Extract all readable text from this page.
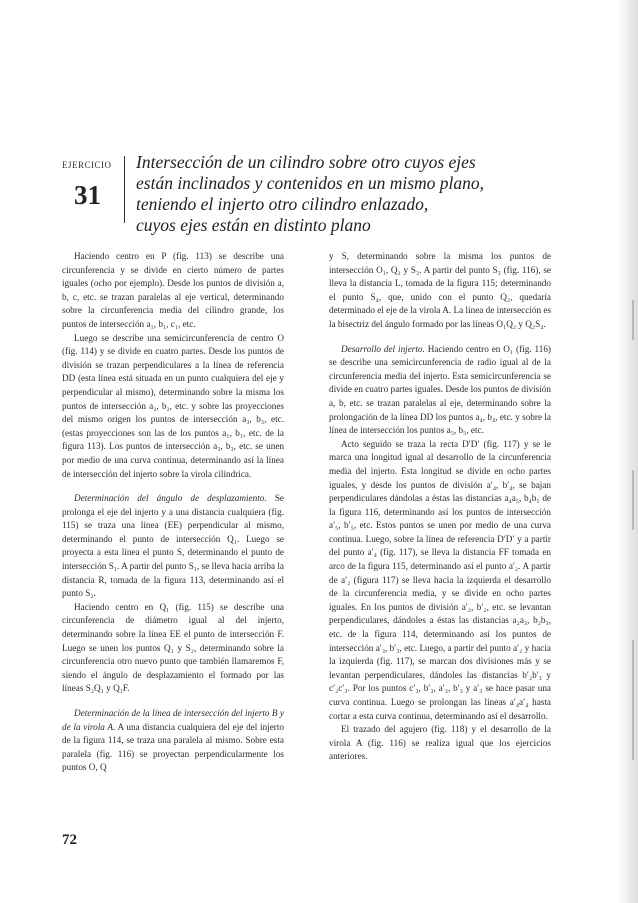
EJERCICIO
31
Intersección de un cilindro sobre otro cuyos ejes
están inclinados y contenidos en un mismo plano,
teniendo el injerto otro cilindro enlazado,
cuyos ejes están en distinto plano

Haciendo centro en P (fig. 113) se describe una circunferencia y se divide en cierto número de partes iguales (ocho por ejemplo). Desde los puntos de división a, b, c, etc. se trazan paralelas al eje vertical, determinando sobre la circunferencia media del cilindro grande, los puntos de intersección a₁, b₁, c₁, etc.

Luego se describe una semicircunferencia de centro O (fig. 114) y se divide en cuatro partes. Desde los puntos de división se trazan perpendiculares a la línea de referencia DD (esta línea está situada en un punto cualquiera del eje y perpendicular al mismo), determinando sobre la misma los puntos de intersección a₂, b₂, etc. y sobre las proyecciones del mismo origen los puntos de intersección a₃, b₃, etc. (estas proyecciones son las de los puntos a₁, b₁, etc. de la figura 113). Los puntos de intersección a₃, b₃, etc. se unen por medio de una curva continua, determinando así la línea de intersección del injerto sobre la virola cilíndrica.

Determinación del ángulo de desplazamiento. Se prolonga el eje del injerto y a una distancia cualquiera (fig. 115) se traza una línea (EE) perpendicular al mismo, determinando el punto de intersección Q₁. Luego se proyecta a esta línea el punto S, determinando el punto de intersección S₁. A partir del punto S₁, se lleva hacia arriba la distancia R, tomada de la figura 113, determinando así el punto S₂.

Haciendo centro en Q₁ (fig. 115) se describe una circunferencia de diámetro igual al del injerto, determinando sobre la línea EE el punto de intersección F. Luego se unen los puntos Q₁ y S₂, determinando sobre la circunferencia otro nuevo punto que también llamaremos F, siendo el ángulo de desplazamiento el formado por las líneas S₂Q₁ y Q₁F.

Determinación de la línea de intersección del injerto B y de la virola A. A una distancia cualquiera del eje del injerto de la figura 114, se traza una paralela al mismo. Sobre esta paralela (fig. 116) se proyectan perpendicularmente los puntos O, Q

y S, determinando sobre la misma los puntos de intersección O₁, Q₂ y S₃. A partir del punto S₃ (fig. 116), se lleva la distancia L, tomada de la figura 115; determinando el punto S₄, que, unido con el punto Q₂, quedaría determinado el eje de la virola A. La línea de intersección es la bisectriz del ángulo formado por las líneas O₁Q₂ y Q₂S₄.

Desarrollo del injerto. Haciendo centro en O₁ (fig. 116) se describe una semicircunferencia de radio igual al de la circunferencia media del injerto. Esta semicircunferencia se divide en cuatro partes iguales. Desde los puntos de división a, b, etc. se trazan paralelas al eje, determinando sobre la prolongación de la línea DD los puntos a₄, b₄, etc. y sobre la línea de intersección los puntos a₅, b₅, etc.

Acto seguido se traza la recta D′D′ (fig. 117) y se le marca una longitud igual al desarrollo de la circunferencia media del injerto. Esta longitud se divide en ocho partes iguales, y desde los puntos de división a′₄, b′₄, se bajan perpendiculares dándolas a éstas las distancias a₄a₅, b₄b₅ de la figura 116, determinando así los puntos de intersección a′₅, b′₅, etc. Estos puntos se unen por medio de una curva continua. Luego, sobre la línea de referencia D′D′ y a partir del punto a′₄ (fig. 117), se lleva la distancia FF tomada en arco de la figura 115, determinando así el punto a′₂. A partir de a′₂ (figura 117) se lleva hacia la izquierda el desarrollo de la circunferencia media, y se divide en ocho partes iguales. En los puntos de división a′₂, b′₂, etc. se levantan perpendiculares, dándoles a éstas las distancias a₂a₃, b₂b₃, etc. de la figura 114, determinando así los puntos de intersección a′₃, b′₃, etc. Luego, a partir del punto a′₂ y hacia la izquierda (fig. 117), se marcan dos divisiones más y se levantan perpendiculares, dándoles las distancias b′₂b′₃ y c′₂c′₃. Por los puntos c′₃, b′₃, a′₃, b′₃ y a′₃ se hace pasar una curva continua. Luego se prolongan las líneas a′₄a′₄ hasta cortar a esta curva continua, determinando así el desarrollo.

El trazado del agujero (fig. 118) y el desarrollo de la virola A (fig. 116) se realiza igual que los ejercicios anteriores.

72
